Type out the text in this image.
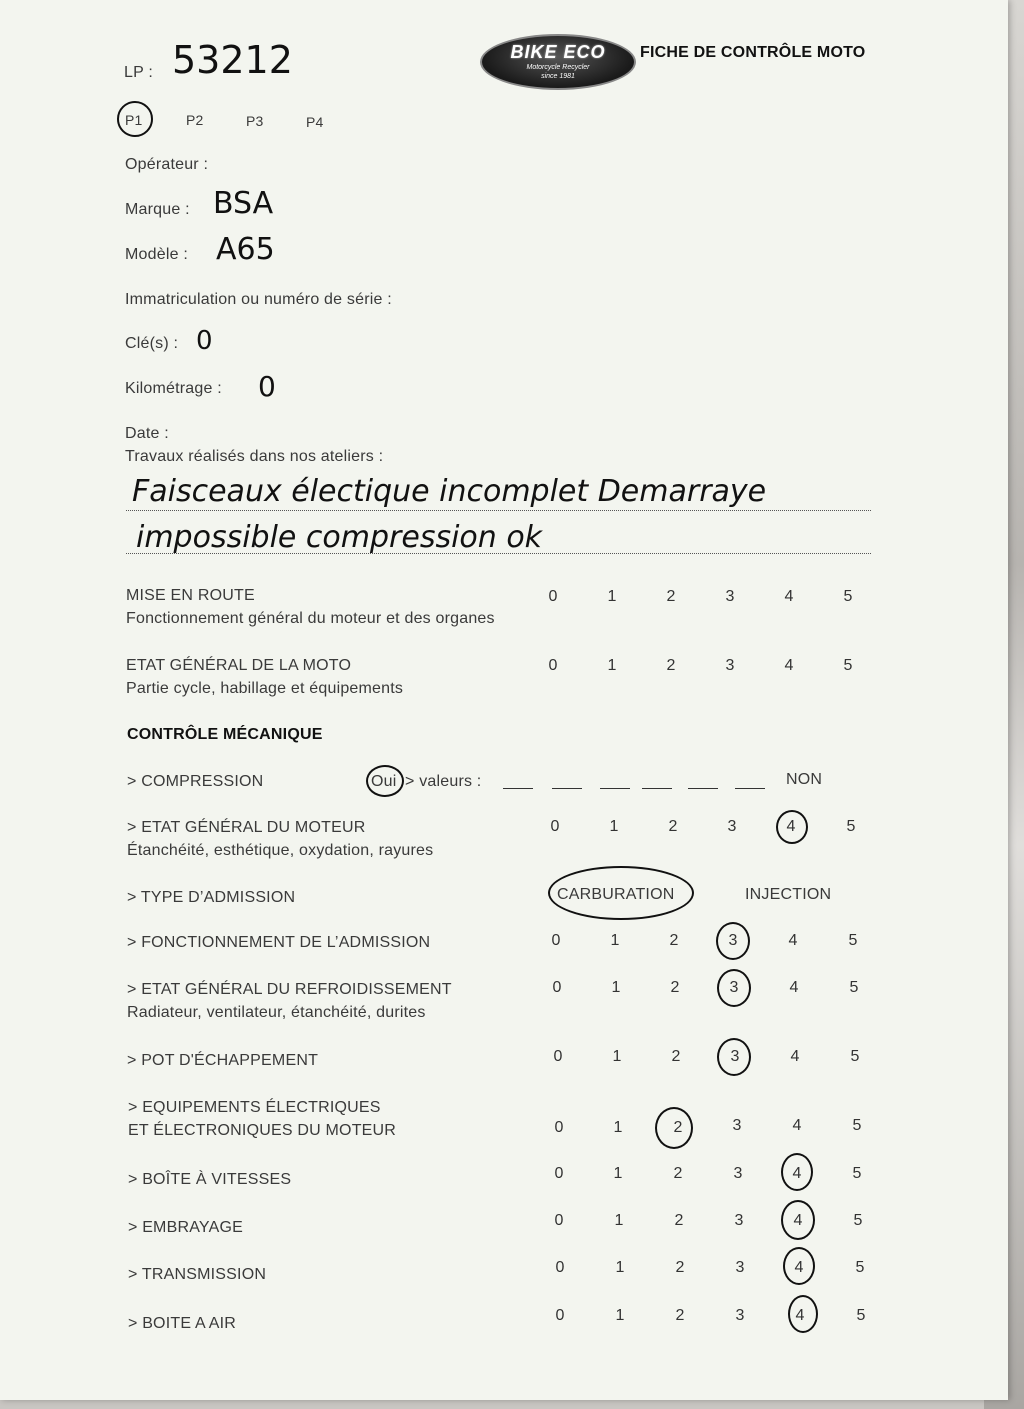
LP : 53212	BIKE ECO
Motorcycle Recycler
since 1981
FICHE DE CONTRÔLE MOTO
P1	P2	P3	P4
Opérateur :
Marque : BSA
Modèle : A65
Immatriculation ou numéro de série :
Clé(s) : 0
Kilométrage : 0
Date :
Travaux réalisés dans nos ateliers :
Faisceaux électique incomplet Demarraye
impossible compression ok
MISE EN ROUTE
Fonctionnement général du moteur et des organes
0	1	2	3	4	5
ETAT GÉNÉRAL DE LA MOTO
Partie cycle, habillage et équipements
0	1	2	3	4	5
CONTRÔLE MÉCANIQUE
> COMPRESSION	Oui > valeurs :	NON
> ETAT GÉNÉRAL DU MOTEUR
Étanchéité, esthétique, oxydation, rayures
0	1	2	3	4	5
> TYPE D’ADMISSION	CARBURATION	INJECTION
> FONCTIONNEMENT DE L’ADMISSION	0	1	2	3	4	5
> ETAT GÉNÉRAL DU REFROIDISSEMENT
Radiateur, ventilateur, étanchéité, durites
0	1	2	3	4	5
> POT D'ÉCHAPPEMENT	0	1	2	3	4	5
> EQUIPEMENTS ÉLECTRIQUES
ET ÉLECTRONIQUES DU MOTEUR	0	1	2	3	4	5
> BOÎTE À VITESSES	0	1	2	3	4	5
> EMBRAYAGE	0	1	2	3	4	5
> TRANSMISSION	0	1	2	3	4	5
> BOITE A AIR	0	1	2	3	4	5
